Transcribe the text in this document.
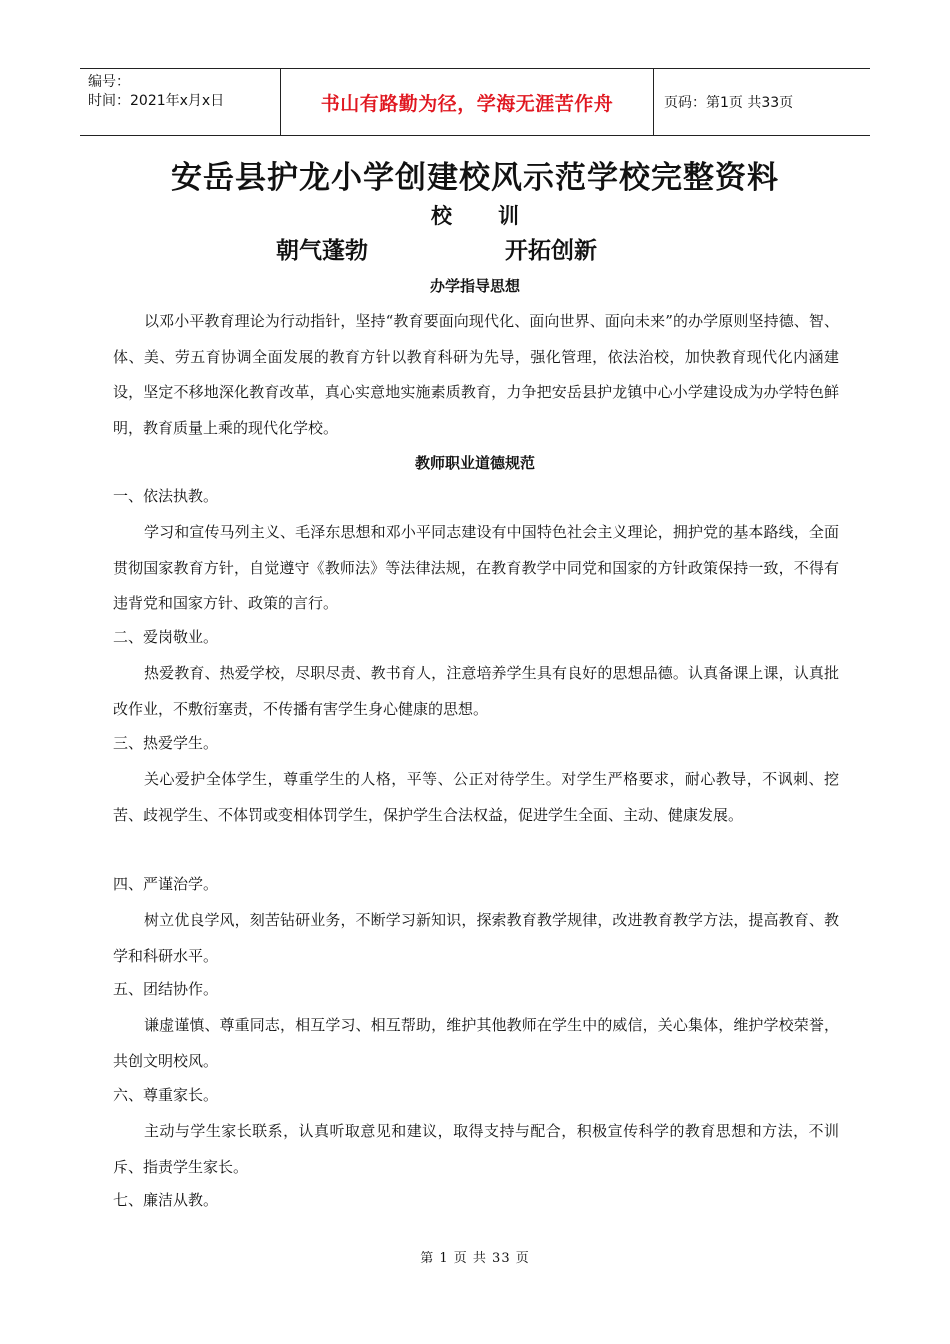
编号：
时间：2021年x月x日	书山有路勤为径，学海无涯苦作舟	页码：第1页 共33页
安岳县护龙小学创建校风示范学校完整资料
校 训
朝气蓬勃	开拓创新
办学指导思想

以邓小平教育理论为行动指针，坚持“教育要面向现代化、面向世界、面向未来”的办学原则坚持德、智、体、美、劳五育协调全面发展的教育方针以教育科研为先导，强化管理，依法治校，加快教育现代化内涵建设，坚定不移地深化教育改革，真心实意地实施素质教育，力争把安岳县护龙镇中心小学建设成为办学特色鲜明，教育质量上乘的现代化学校。

教师职业道德规范

一、依法执教。

学习和宣传马列主义、毛泽东思想和邓小平同志建设有中国特色社会主义理论，拥护党的基本路线，全面贯彻国家教育方针，自觉遵守《教师法》等法律法规，在教育教学中同党和国家的方针政策保持一致，不得有违背党和国家方针、政策的言行。

二、爱岗敬业。

热爱教育、热爱学校，尽职尽责、教书育人，注意培养学生具有良好的思想品德。认真备课上课，认真批改作业，不敷衍塞责，不传播有害学生身心健康的思想。

三、热爱学生。

关心爱护全体学生，尊重学生的人格，平等、公正对待学生。对学生严格要求，耐心教导，不讽刺、挖苦、歧视学生、不体罚或变相体罚学生，保护学生合法权益，促进学生全面、主动、健康发展。

四、严谨治学。

树立优良学风，刻苦钻研业务，不断学习新知识，探索教育教学规律，改进教育教学方法，提高教育、教学和科研水平。

五、团结协作。

谦虚谨慎、尊重同志，相互学习、相互帮助，维护其他教师在学生中的威信，关心集体，维护学校荣誉，共创文明校风。

六、尊重家长。

主动与学生家长联系，认真听取意见和建议，取得支持与配合，积极宣传科学的教育思想和方法，不训斥、指责学生家长。

七、廉洁从教。

第 1 页 共 33 页
